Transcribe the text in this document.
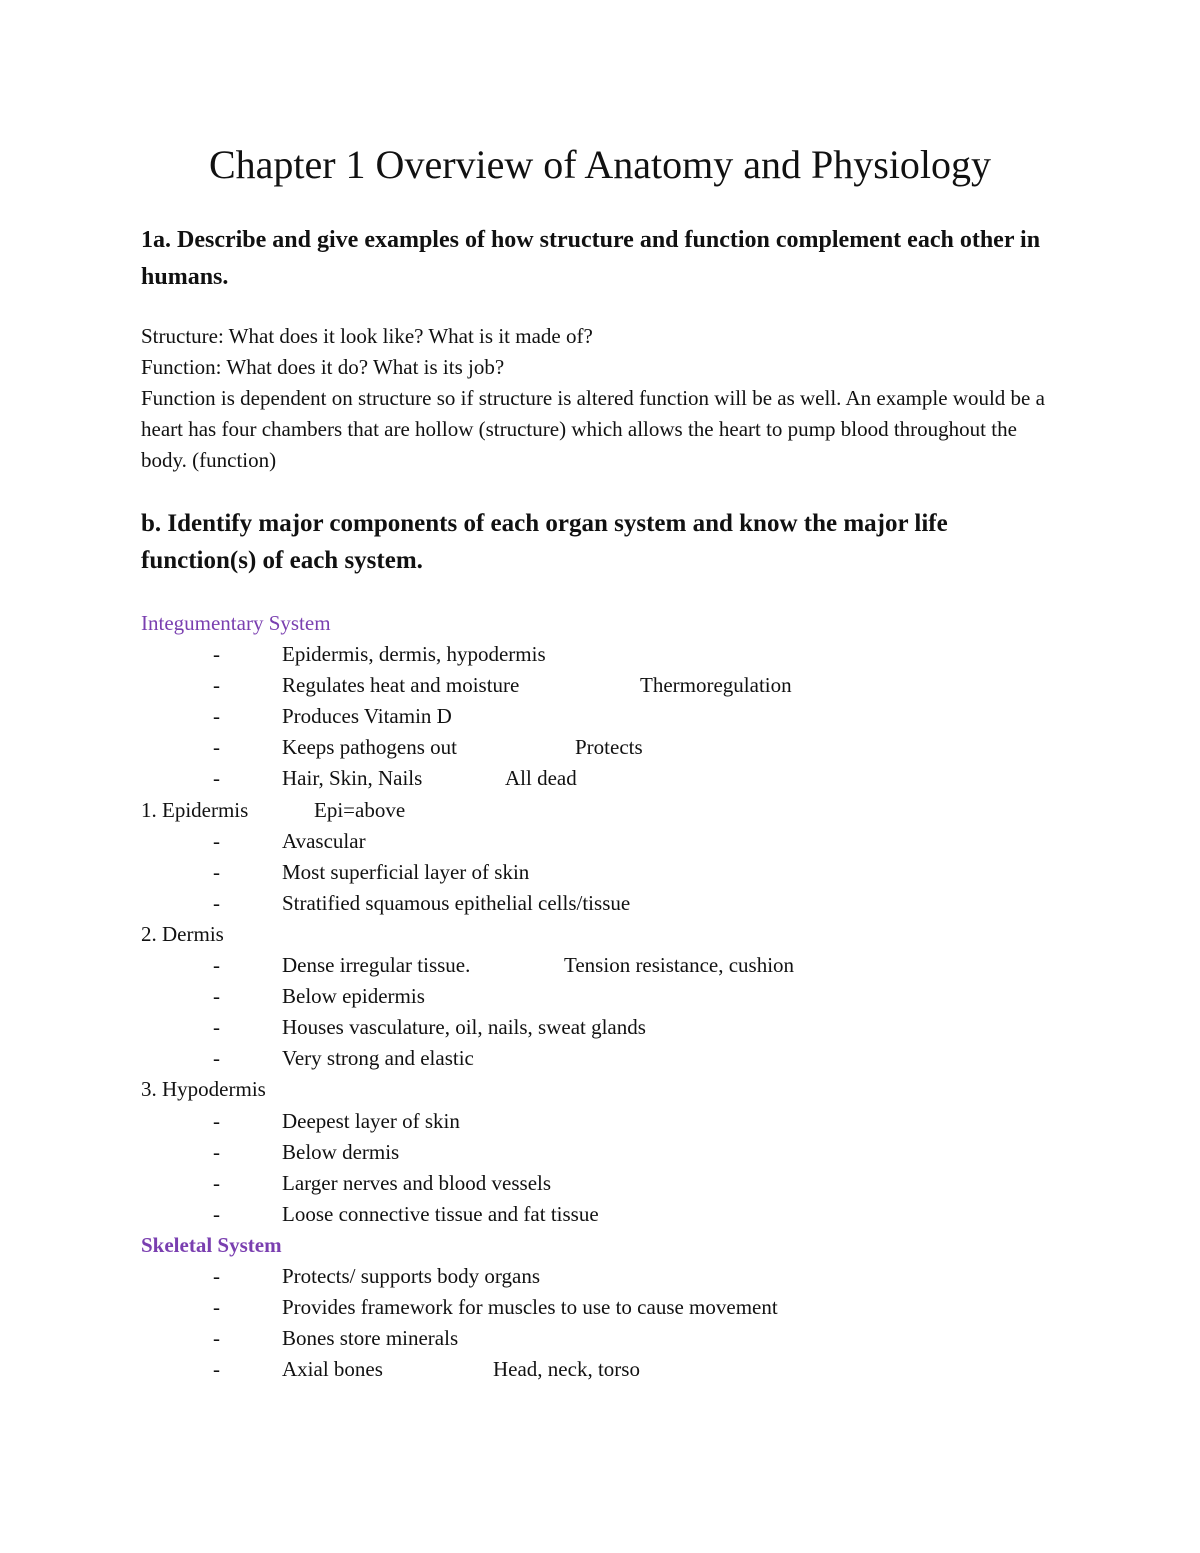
Chapter 1 Overview of Anatomy and Physiology

1a. Describe and give examples of how structure and function complement each other in humans.

Structure: What does it look like? What is it made of?

Function: What does it do? What is its job?

Function is dependent on structure so if structure is altered function will be as well. An example would be a heart has four chambers that are hollow (structure) which allows the heart to pump blood throughout the body. (function)

b. Identify major components of each organ system and know the major life function(s) of each system.

Integumentary System

-	Epidermis, dermis, hypodermis
-	Regulates heat and moisture	Thermoregulation
-	Produces Vitamin D
-	Keeps pathogens out	Protects
-	Hair, Skin, Nails	All dead

1. Epidermis	Epi=above

-	Avascular
-	Most superficial layer of skin
-	Stratified squamous epithelial cells/tissue

2. Dermis

-	Dense irregular tissue.	Tension resistance, cushion
-	Below epidermis
-	Houses vasculature, oil, nails, sweat glands
-	Very strong and elastic

3. Hypodermis

-	Deepest layer of skin
-	Below dermis
-	Larger nerves and blood vessels
-	Loose connective tissue and fat tissue

Skeletal System

-	Protects/ supports body organs
-	Provides framework for muscles to use to cause movement
-	Bones store minerals
-	Axial bones	Head, neck, torso
